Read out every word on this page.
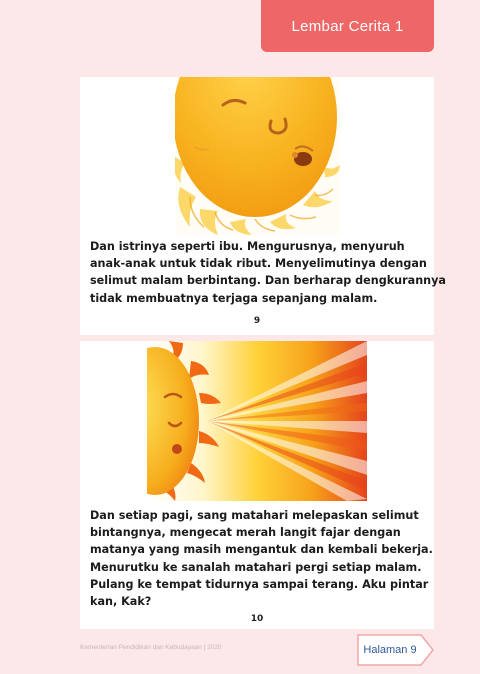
Lembar Cerita 1

Dan istrinya seperti ibu. Mengurusnya, menyuruh
anak-anak untuk tidak ribut. Menyelimutinya dengan
selimut malam berbintang. Dan berharap dengkurannya
tidak membuatnya terjaga sepanjang malam.

9

Dan setiap pagi, sang matahari melepaskan selimut
bintangnya, mengecat merah langit fajar dengan
matanya yang masih mengantuk dan kembali bekerja.
Menurutku ke sanalah matahari pergi setiap malam.
Pulang ke tempat tidurnya sampai terang. Aku pintar
kan, Kak?

10
Kementerian Pendidikan dan Kebudayaan | 2020	Halaman 9
